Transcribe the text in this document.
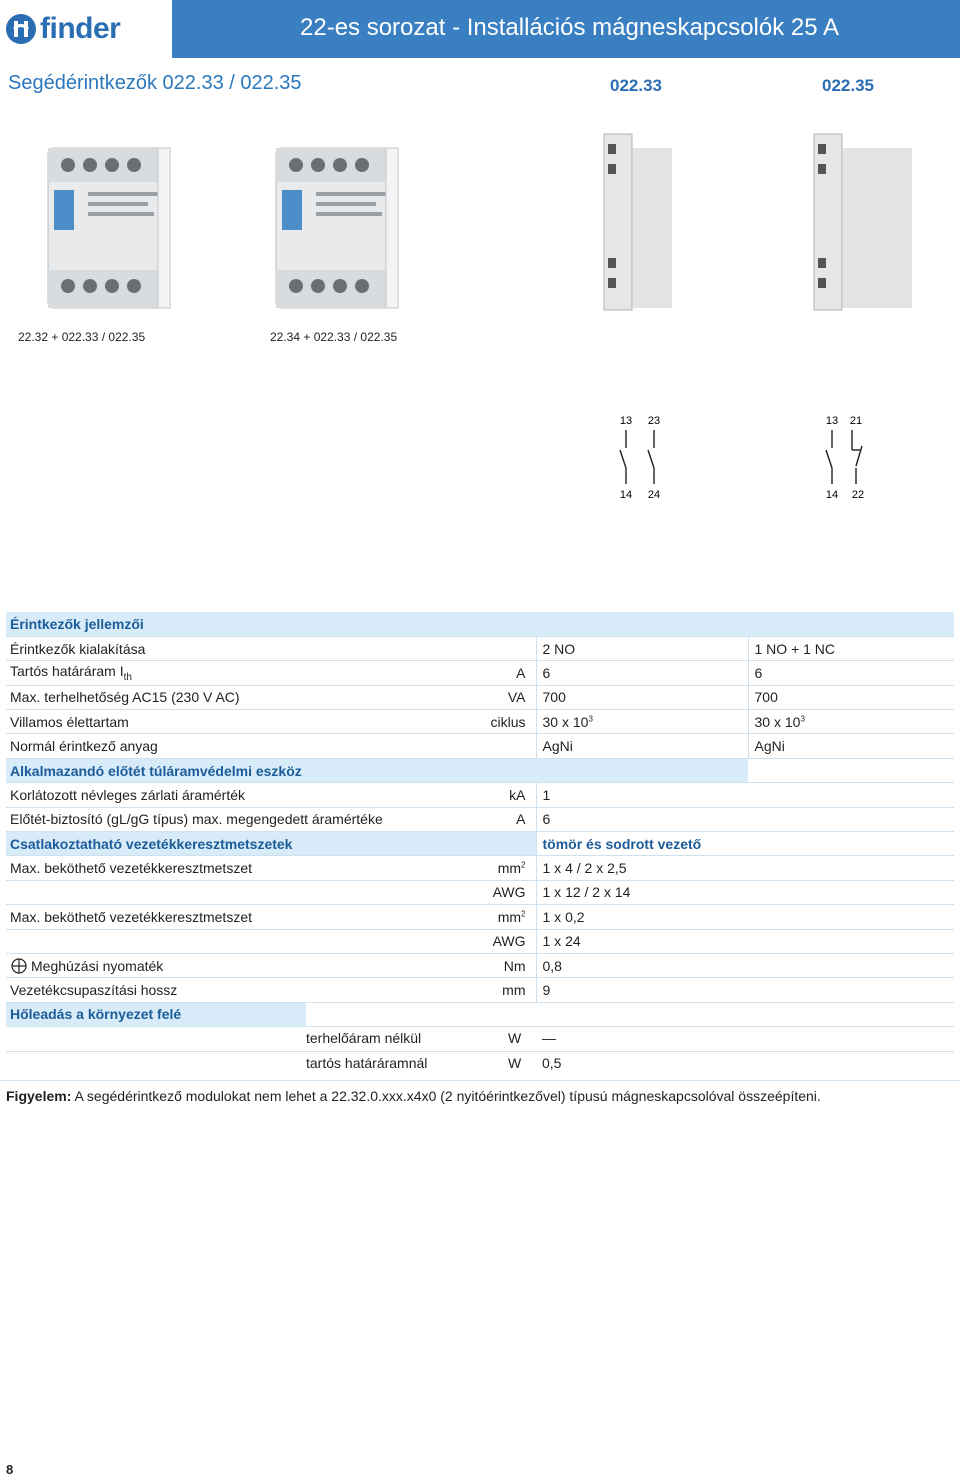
finder	22-es sorozat - Installációs mágneskapcsolók 25 A
Segédérintkezők 022.33 / 022.35	022.33	022.35
22.32 + 022.33 / 022.35	22.34 + 022.33 / 022.35
13 23
14 24
13 21
14 22
Érintkezők jellemzői			
Érintkezők kialakítása		2 NO	1 NO + 1 NC
Tartós határáram $I_{th}$	A	6	6
Max. terhelhetőség AC15 (230 V AC)	VA	700	700
Villamos élettartam	ciklus	30 x $10^3$	30 x $10^3$
Normál érintkező anyag		AgNi	AgNi
Alkalmazandó előtét túláramvédelmi eszköz			
Korlátozott névleges zárlati áramérték	kA	1	
Előtét-biztosító (gL/gG típus) max. megengedett áramértéke A		6	
Csatlakoztatható vezetékkeresztmetszetek		tömör és sodrott vezető	
Max. beköthető vezetékkeresztmetszet	$mm^2$	1 x 4 / 2 x 2,5	
	AWG	1 x 12 / 2 x 14	
Max. beköthető vezetékkeresztmetszet	$mm^2$	1 x 0,2	
	AWG	1 x 24	
Meghúzási nyomaték	Nm	0,8	
Vezetékcsupaszítási hossz	mm	9	
Hőleadás a környezet felé			

terhelőáram nélkül	W —
tartós határáramnál	W 0,5
Figyelem: A segédérintkező modulokat nem lehet a 22.32.0.xxx.x4x0 (2 nyitóérintkezővel) típusú mágneskapcsolóval összeépíteni.
8
